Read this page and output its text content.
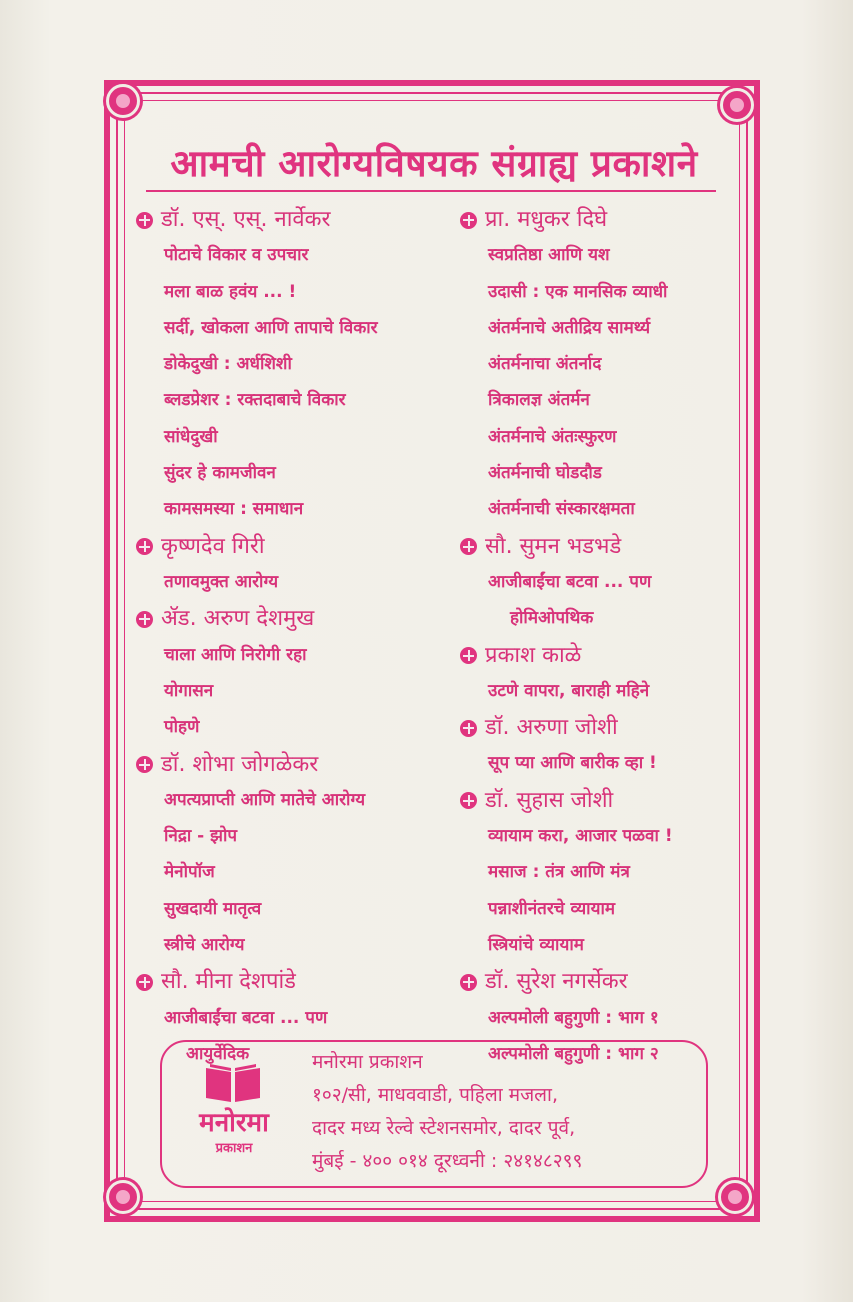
आमची आरोग्यविषयक संग्राह्य प्रकाशने
डॉ. एस्. एस्. नार्वेकर
पोटाचे विकार व उपचार
मला बाळ हवंय ... !
सर्दी, खोकला आणि तापाचे विकार
डोकेदुखी : अर्धशिशी
ब्लडप्रेशर : रक्तदाबाचे विकार
सांधेदुखी
सुंदर हे कामजीवन
कामसमस्या : समाधान
कृष्णदेव गिरी
तणावमुक्त आरोग्य
ॲड. अरुण देशमुख
चाला आणि निरोगी रहा
योगासन
पोहणे
डॉ. शोभा जोगळेकर
अपत्यप्राप्ती आणि मातेचे आरोग्य
निद्रा - झोप
मेनोपॉज
सुखदायी मातृत्व
स्त्रीचे आरोग्य
सौ. मीना देशपांडे
आजीबाईंचा बटवा ... पण
आयुर्वेदिक
प्रा. मधुकर दिघे
स्वप्रतिष्ठा आणि यश
उदासी : एक मानसिक व्याधी
अंतर्मनाचे अतीद्रिय सामर्थ्य
अंतर्मनाचा अंतर्नाद
त्रिकालज्ञ अंतर्मन
अंतर्मनाचे अंतःस्फुरण
अंतर्मनाची घोडदौड
अंतर्मनाची संस्कारक्षमता
सौ. सुमन भडभडे
आजीबाईंचा बटवा ... पण
होमिओपथिक
प्रकाश काळे
उटणे वापरा, बाराही महिने
डॉ. अरुणा जोशी
सूप प्या आणि बारीक व्हा !
डॉ. सुहास जोशी
व्यायाम करा, आजार पळवा !
मसाज : तंत्र आणि मंत्र
पन्नाशीनंतरचे व्यायाम
स्त्रियांचे व्यायाम
डॉ. सुरेश नगर्सेकर
अल्पमोली बहुगुणी : भाग १
अल्पमोली बहुगुणी : भाग २
मनोरमा
प्रकाशन
मनोरमा प्रकाशन
१०२/सी, माधववाडी, पहिला मजला,
दादर मध्य रेल्वे स्टेशनसमोर, दादर पूर्व,
मुंबई - ४०० ०१४ दूरध्वनी : २४१४८२९९
